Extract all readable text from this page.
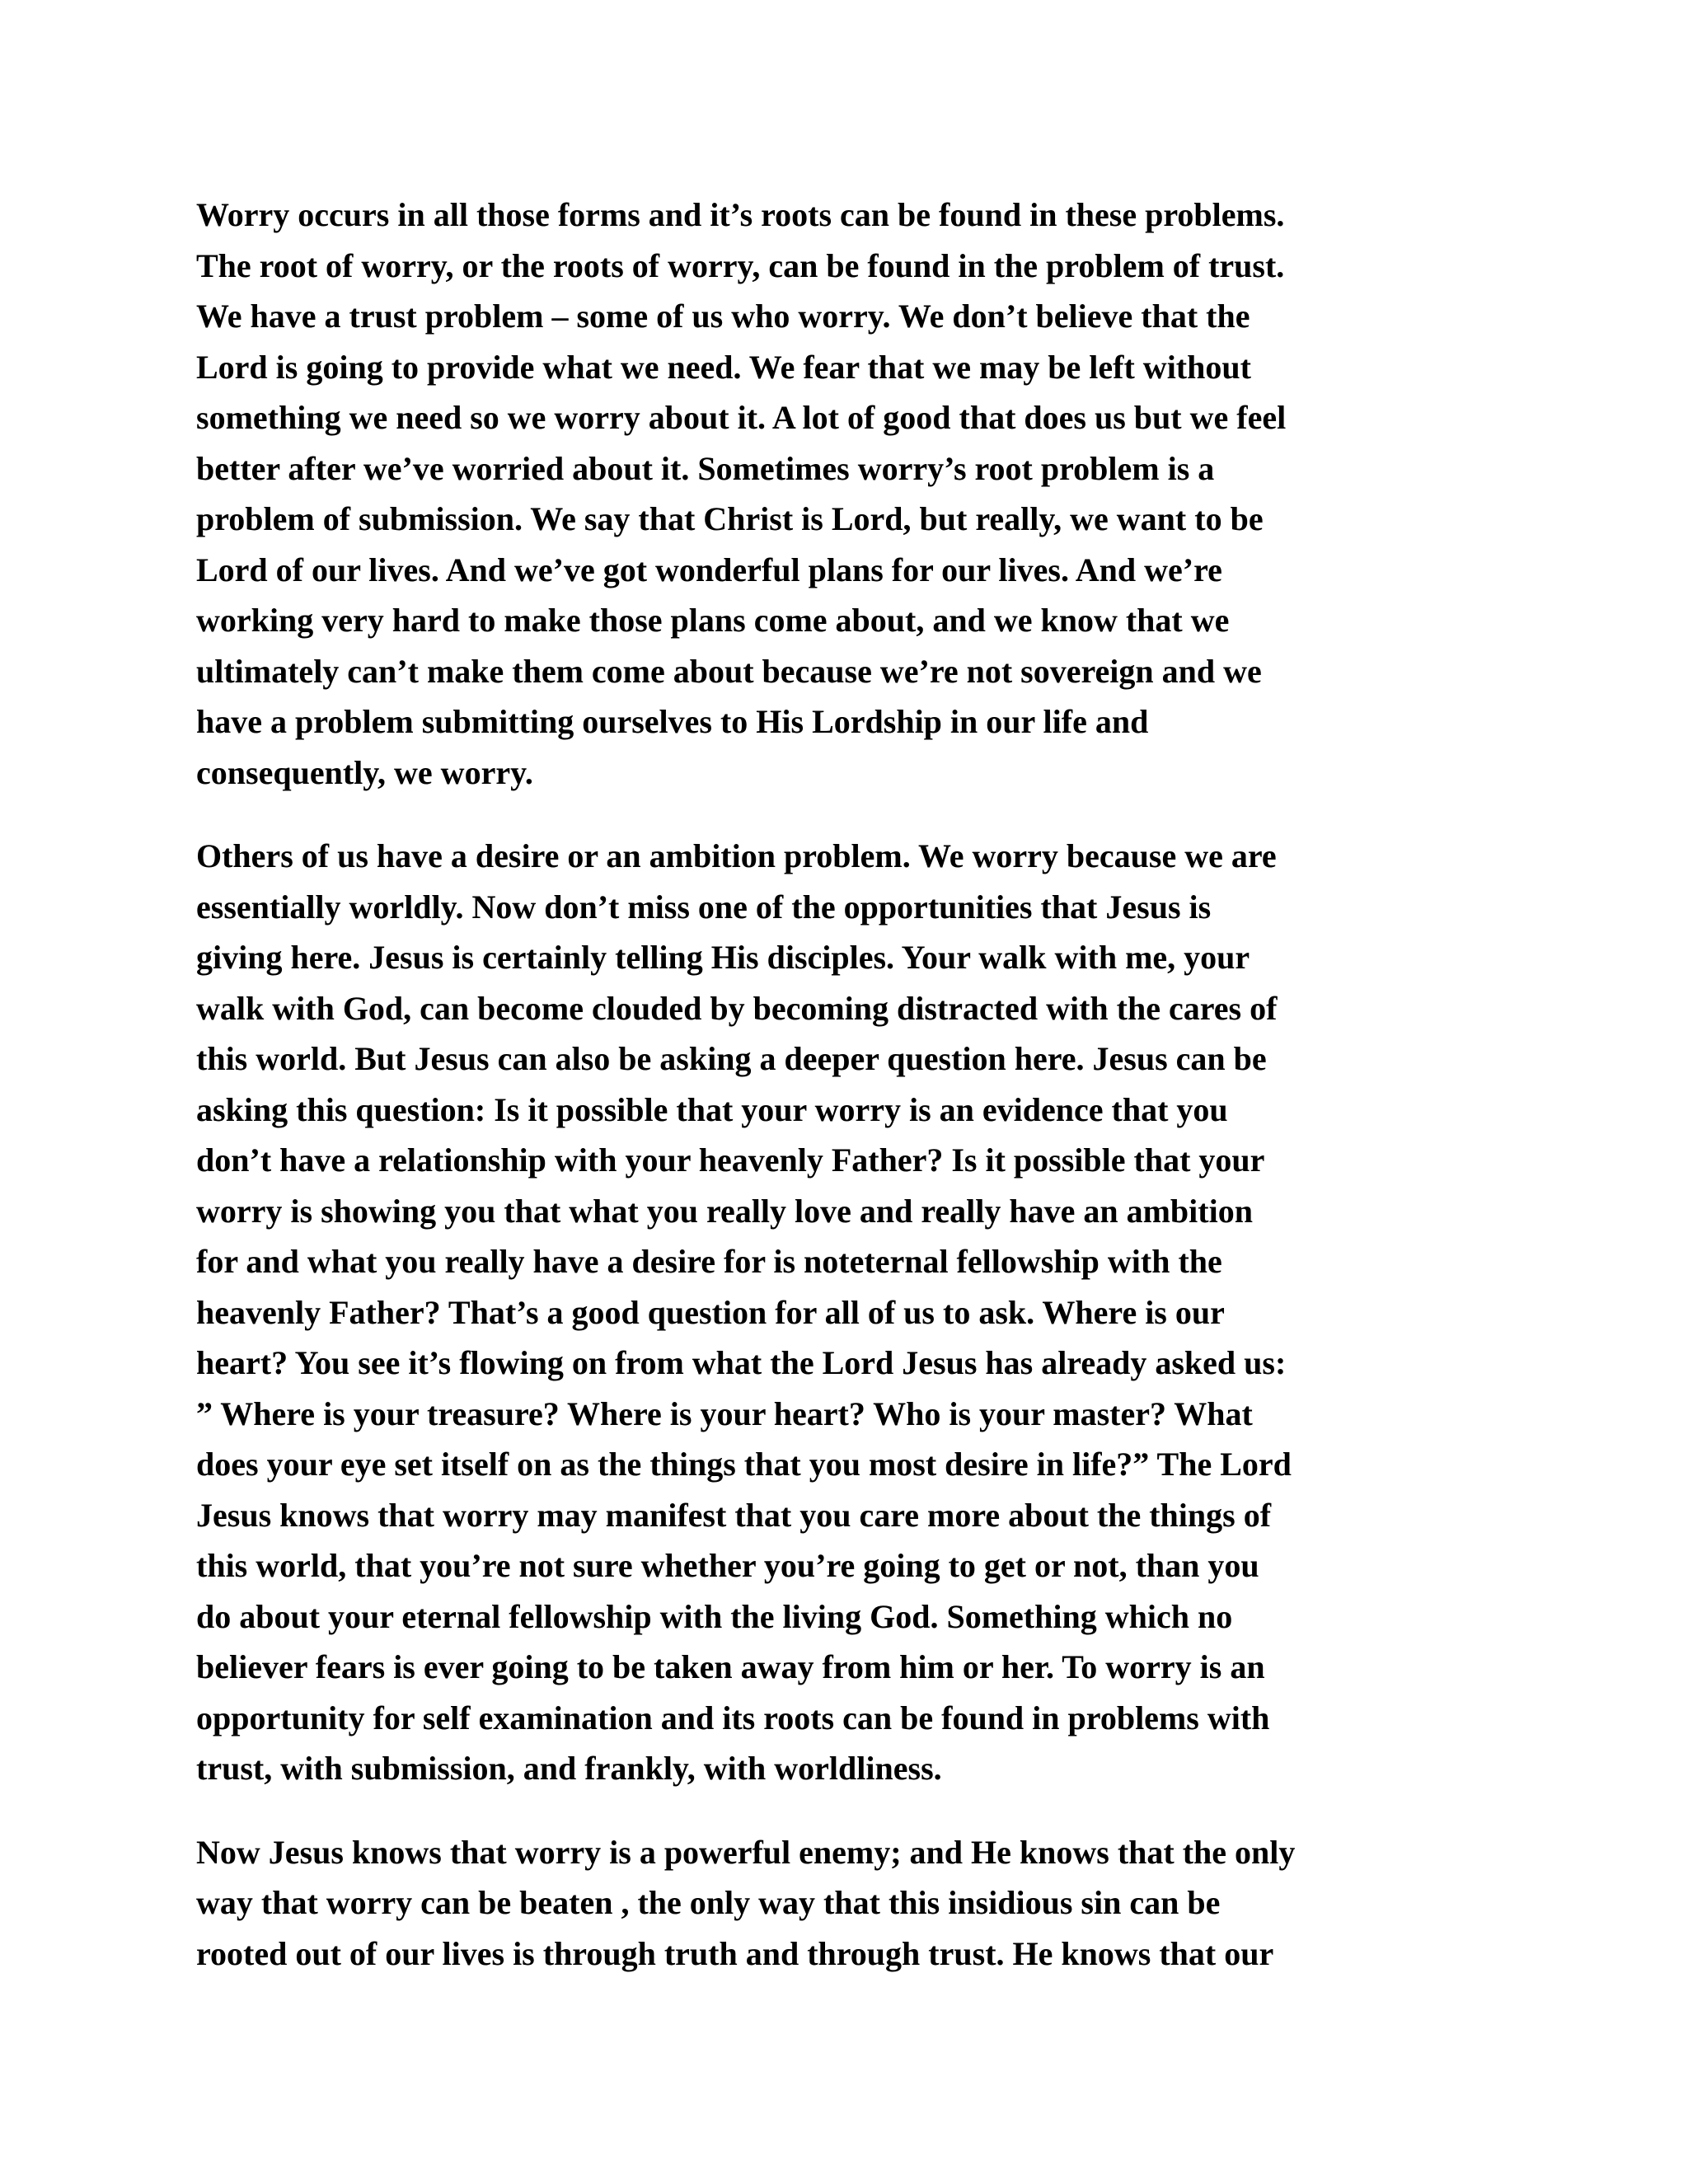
Worry occurs in all those forms and it’s roots can be found in these problems.
The root of worry, or the roots of worry, can be found in the problem of trust.
We have a trust problem – some of us who worry. We don’t believe that the
Lord is going to provide what we need. We fear that we may be left without
something we need so we worry about it. A lot of good that does us but we feel
better after we’ve worried about it. Sometimes worry’s root problem is a
problem of submission. We say that Christ is Lord, but really, we want to be
Lord of our lives. And we’ve got wonderful plans for our lives. And we’re
working very hard to make those plans come about, and we know that we
ultimately can’t make them come about because we’re not sovereign and we
have a problem submitting ourselves to His Lordship in our life and
consequently, we worry.

Others of us have a desire or an ambition problem. We worry because we are
essentially worldly. Now don’t miss one of the opportunities that Jesus is
giving here. Jesus is certainly telling His disciples. Your walk with me, your
walk with God, can become clouded by becoming distracted with the cares of
this world. But Jesus can also be asking a deeper question here. Jesus can be
asking this question: Is it possible that your worry is an evidence that you
don’t have a relationship with your heavenly Father? Is it possible that your
worry is showing you that what you really love and really have an ambition
for and what you really have a desire for is noteternal fellowship with the
heavenly Father? That’s a good question for all of us to ask. Where is our
heart? You see it’s flowing on from what the Lord Jesus has already asked us:
” Where is your treasure? Where is your heart? Who is your master? What
does your eye set itself on as the things that you most desire in life?” The Lord
Jesus knows that worry may manifest that you care more about the things of
this world, that you’re not sure whether you’re going to get or not, than you
do about your eternal fellowship with the living God. Something which no
believer fears is ever going to be taken away from him or her. To worry is an
opportunity for self examination and its roots can be found in problems with
trust, with submission, and frankly, with worldliness.

Now Jesus knows that worry is a powerful enemy; and He knows that the only
way that worry can be beaten , the only way that this insidious sin can be
rooted out of our lives is through truth and through trust. He knows that our
